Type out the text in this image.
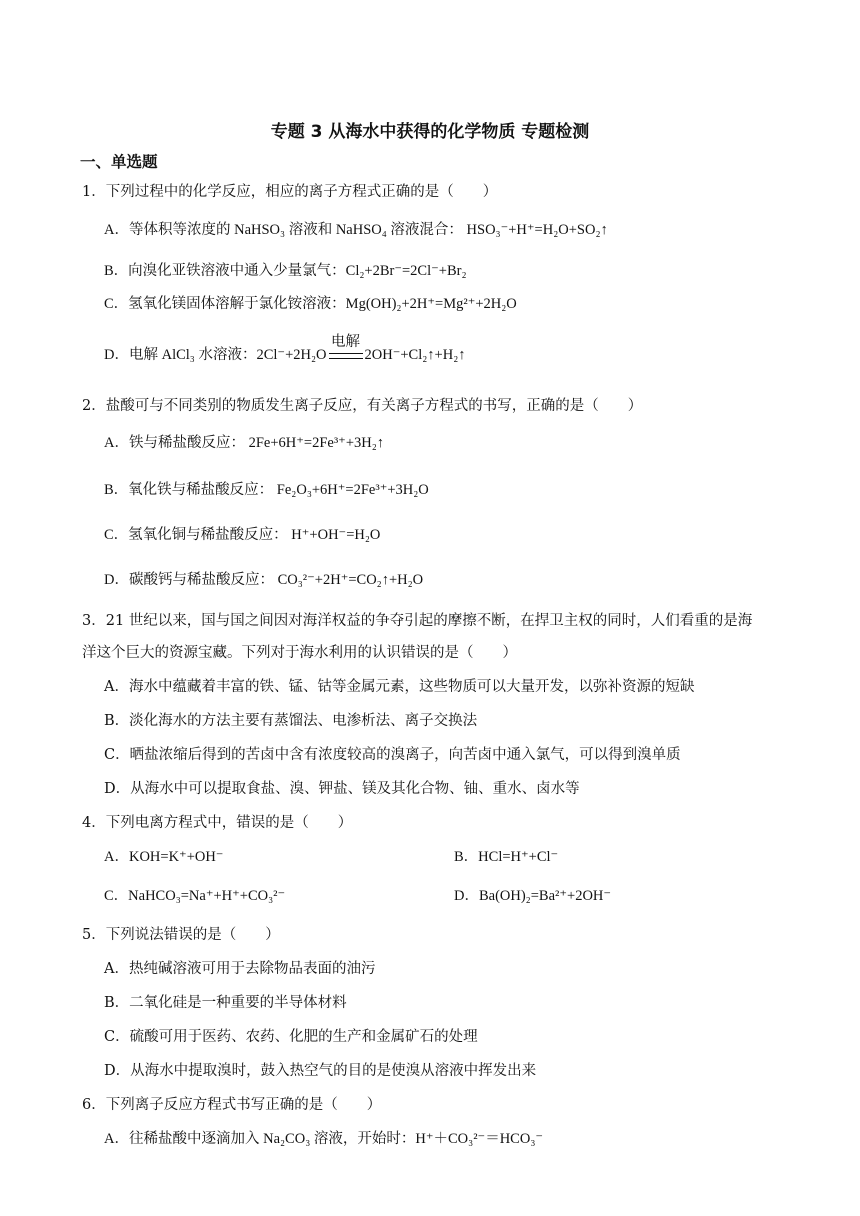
专题 3 从海水中获得的化学物质 专题检测
一、单选题
1．下列过程中的化学反应，相应的离子方程式正确的是（　　）
A．等体积等浓度的 NaHSO₃ 溶液和 NaHSO₄ 溶液混合： HSO₃⁻+H⁺=H₂O+SO₂↑
B．向溴化亚铁溶液中通入少量氯气：Cl₂+2Br⁻=2Cl⁻+Br₂
C．氢氧化镁固体溶解于氯化铵溶液：Mg(OH)₂+2H⁺=Mg²⁺+2H₂O
D．电解 AlCl₃ 水溶液：2Cl⁻+2H₂O
电解
2OH⁻+Cl₂↑+H₂↑
2．盐酸可与不同类别的物质发生离子反应，有关离子方程式的书写，正确的是（　　）
A．铁与稀盐酸反应： 2Fe+6H⁺=2Fe³⁺+3H₂↑
B．氧化铁与稀盐酸反应： Fe₂O₃+6H⁺=2Fe³⁺+3H₂O
C．氢氧化铜与稀盐酸反应： H⁺+OH⁻=H₂O
D．碳酸钙与稀盐酸反应： CO₃²⁻+2H⁺=CO₂↑+H₂O
3．21 世纪以来，国与国之间因对海洋权益的争夺引起的摩擦不断，在捍卫主权的同时，人们看重的是海
洋这个巨大的资源宝藏。下列对于海水利用的认识错误的是（　　）
A．海水中蕴藏着丰富的铁、锰、钴等金属元素，这些物质可以大量开发，以弥补资源的短缺
B．淡化海水的方法主要有蒸馏法、电渗析法、离子交换法
C．晒盐浓缩后得到的苦卤中含有浓度较高的溴离子，向苦卤中通入氯气，可以得到溴单质
D．从海水中可以提取食盐、溴、钾盐、镁及其化合物、铀、重水、卤水等
4．下列电离方程式中，错误的是（　　）
A．KOH=K⁺+OH⁻	B．HCl=H⁺+Cl⁻
C．NaHCO₃=Na⁺+H⁺+CO₃²⁻	D．Ba(OH)₂=Ba²⁺+2OH⁻
5．下列说法错误的是（　　）
A．热纯碱溶液可用于去除物品表面的油污
B．二氧化硅是一种重要的半导体材料
C．硫酸可用于医药、农药、化肥的生产和金属矿石的处理
D．从海水中提取溴时，鼓入热空气的目的是使溴从溶液中挥发出来
6．下列离子反应方程式书写正确的是（　　）
A．往稀盐酸中逐滴加入 Na₂CO₃ 溶液，开始时：H⁺＋CO₃²⁻＝HCO₃⁻
